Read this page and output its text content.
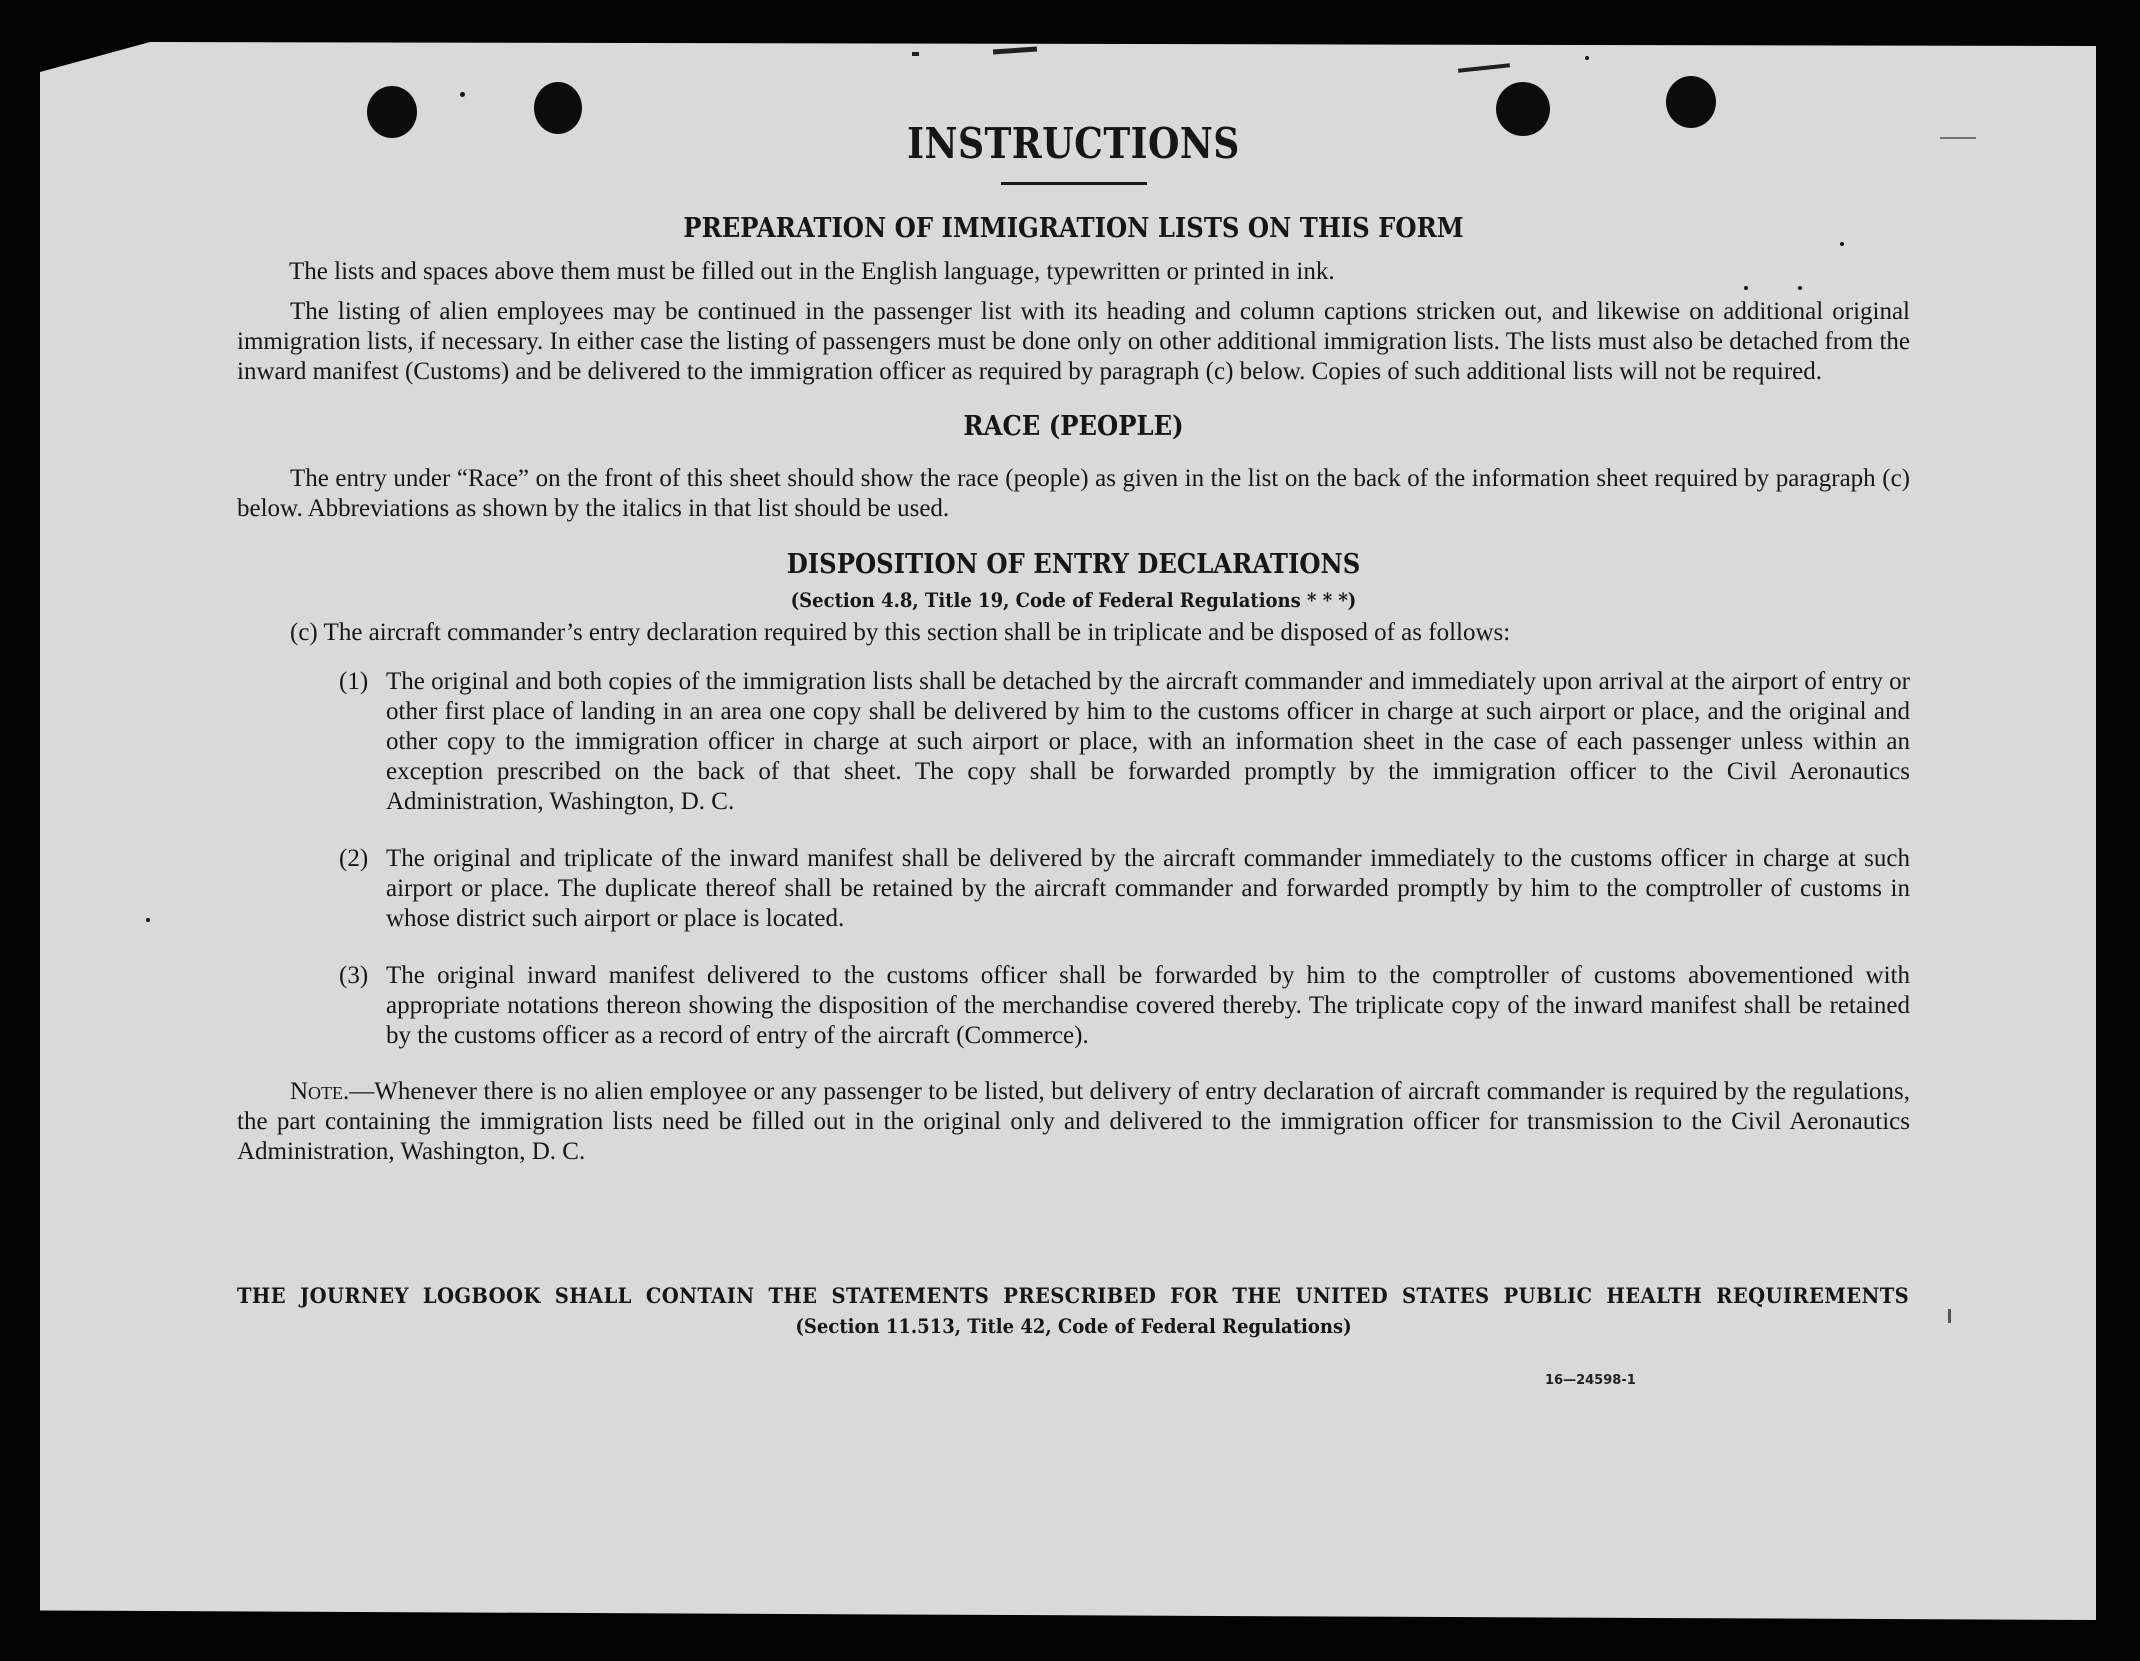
INSTRUCTIONS
PREPARATION OF IMMIGRATION LISTS ON THIS FORM

The lists and spaces above them must be filled out in the English language, typewritten or printed in ink.

The listing of alien employees may be continued in the passenger list with its heading and column captions stricken out, and likewise on additional original immigration lists, if necessary. In either case the listing of passengers must be done only on other additional immigration lists. The lists must also be detached from the inward manifest (Customs) and be delivered to the immigration officer as required by paragraph (c) below. Copies of such additional lists will not be required.

RACE (PEOPLE)

The entry under “Race” on the front of this sheet should show the race (people) as given in the list on the back of the information sheet required by paragraph (c) below. Abbreviations as shown by the italics in that list should be used.

DISPOSITION OF ENTRY DECLARATIONS

(Section 4.8, Title 19, Code of Federal Regulations * * *)

(c) The aircraft commander’s entry declaration required by this section shall be in triplicate and be disposed of as follows:

(1) The original and both copies of the immigration lists shall be detached by the aircraft commander and immediately upon arrival at the airport of entry or other first place of landing in an area one copy shall be delivered by him to the customs officer in charge at such airport or place, and the original and other copy to the immigration officer in charge at such airport or place, with an information sheet in the case of each passenger unless within an exception prescribed on the back of that sheet. The copy shall be forwarded promptly by the immigration officer to the Civil Aeronautics Administration, Washington, D. C.
(2) The original and triplicate of the inward manifest shall be delivered by the aircraft commander immediately to the customs officer in charge at such airport or place. The duplicate thereof shall be retained by the aircraft commander and forwarded promptly by him to the comptroller of customs in whose district such airport or place is located.
(3) The original inward manifest delivered to the customs officer shall be forwarded by him to the comptroller of customs abovementioned with appropriate notations thereon showing the disposition of the merchandise covered thereby. The triplicate copy of the inward manifest shall be retained by the customs officer as a record of entry of the aircraft (Commerce).

Note.—Whenever there is no alien employee or any passenger to be listed, but delivery of entry declaration of aircraft commander is required by the regulations, the part containing the immigration lists need be filled out in the original only and delivered to the immigration officer for transmission to the Civil Aeronautics Administration, Washington, D. C.

THE JOURNEY LOGBOOK SHALL CONTAIN THE STATEMENTS PRESCRIBED FOR THE UNITED STATES PUBLIC HEALTH REQUIREMENTS

(Section 11.513, Title 42, Code of Federal Regulations)

16—24598-1
